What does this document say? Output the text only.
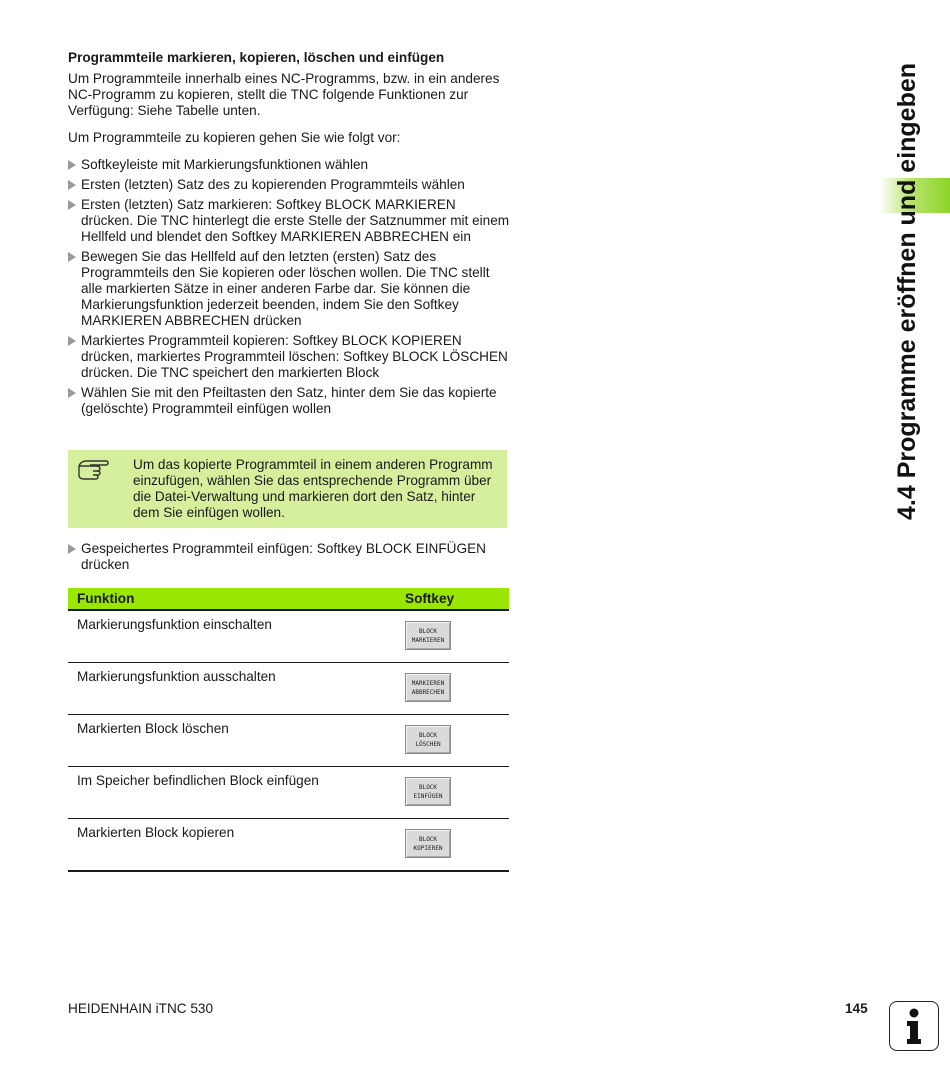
Programmteile markieren, kopieren, löschen und einfügen
Um Programmteile innerhalb eines NC-Programms, bzw. in ein anderes NC-Programm zu kopieren, stellt die TNC folgende Funktionen zur Verfügung: Siehe Tabelle unten.
Um Programmteile zu kopieren gehen Sie wie folgt vor:
Softkeyleiste mit Markierungsfunktionen wählen
Ersten (letzten) Satz des zu kopierenden Programmteils wählen
Ersten (letzten) Satz markieren: Softkey BLOCK MARKIEREN drücken. Die TNC hinterlegt die erste Stelle der Satznummer mit einem Hellfeld und blendet den Softkey MARKIEREN ABBRECHEN ein
Bewegen Sie das Hellfeld auf den letzten (ersten) Satz des Programmteils den Sie kopieren oder löschen wollen. Die TNC stellt alle markierten Sätze in einer anderen Farbe dar. Sie können die Markierungsfunktion jederzeit beenden, indem Sie den Softkey MARKIEREN ABBRECHEN drücken
Markiertes Programmteil kopieren: Softkey BLOCK KOPIEREN drücken, markiertes Programmteil löschen: Softkey BLOCK LÖSCHEN drücken. Die TNC speichert den markierten Block
Wählen Sie mit den Pfeiltasten den Satz, hinter dem Sie das kopierte (gelöschte) Programmteil einfügen wollen
Um das kopierte Programmteil in einem anderen Programm einzufügen, wählen Sie das entsprechende Programm über die Datei-Verwaltung und markieren dort den Satz, hinter dem Sie einfügen wollen.
Gespeichertes Programmteil einfügen: Softkey BLOCK EINFÜGEN drücken
Funktion	Softkey
Markierungsfunktion einschalten	BLOCK
MARKIEREN

Markierungsfunktion ausschalten	MARKIEREN
ABBRECHEN

Markierten Block löschen	BLOCK
LÖSCHEN

Im Speicher befindlichen Block einfügen	BLOCK
EINFÜGEN

Markierten Block kopieren	BLOCK
KOPIEREN
4.4 Programme eröffnen und eingeben
HEIDENHAIN iTNC 530	145
